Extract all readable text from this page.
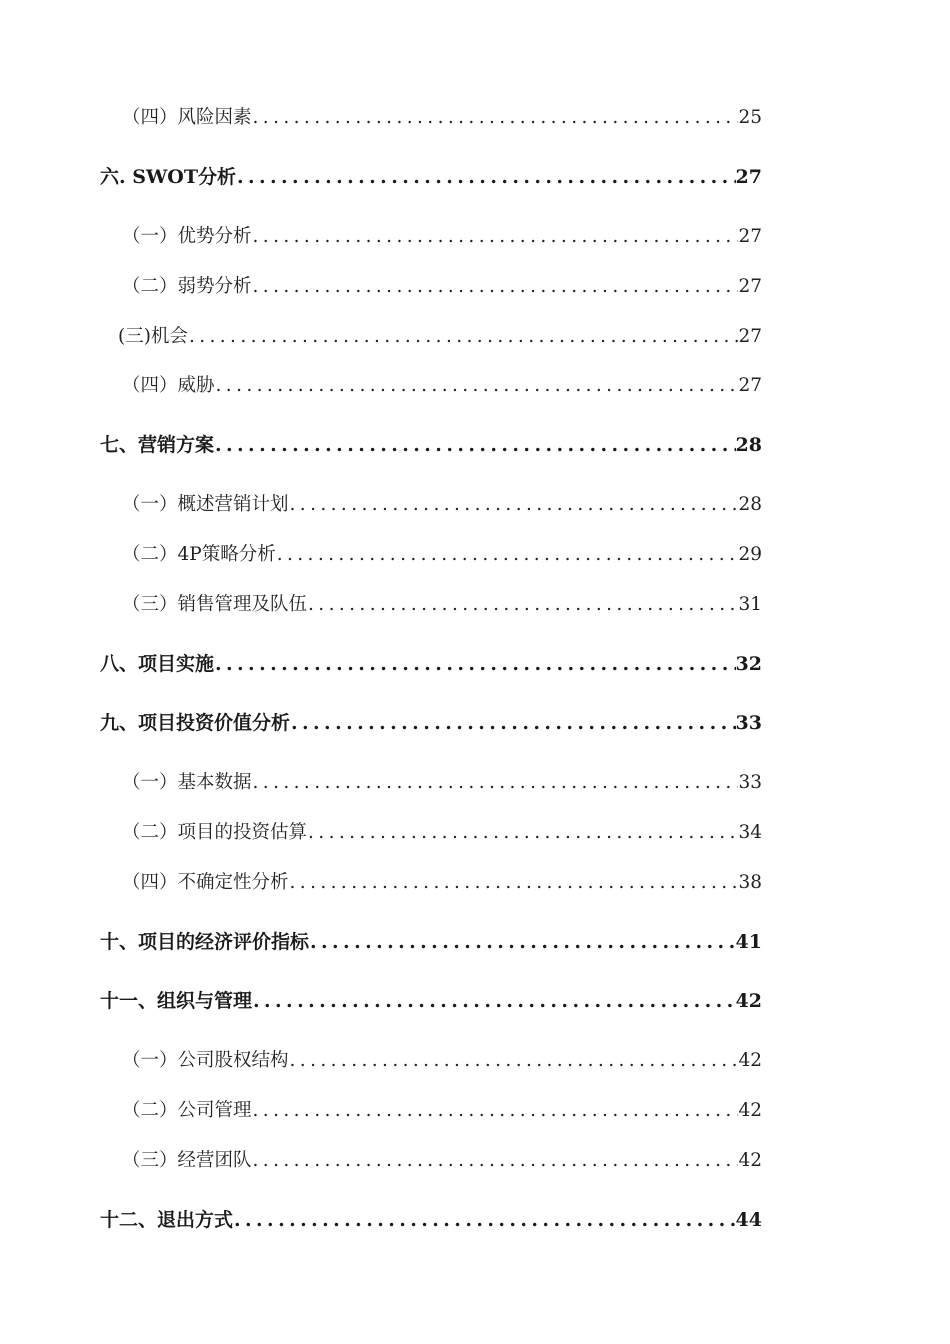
（四）风险因素 .....	25
六. SWOT分析 .....	27
（一）优势分析 .....	27
（二）弱势分析 .....	27
(三)机会 .....	27
（四）威胁 .....	27
七、营销方案 .....	28
（一）概述营销计划 .....	28
（二）4P策略分析 .....	29
（三）销售管理及队伍 .....	31
八、项目实施 .....	32
九、项目投资价值分析 .....	33
（一）基本数据 .....	33
（二）项目的投资估算 .....	34
（四）不确定性分析 .....	38
十、项目的经济评价指标 .....	41
十一、组织与管理 .....	42
（一）公司股权结构 .....	42
（二）公司管理 .....	42
（三）经营团队 .....	42
十二、退出方式 .....	44
